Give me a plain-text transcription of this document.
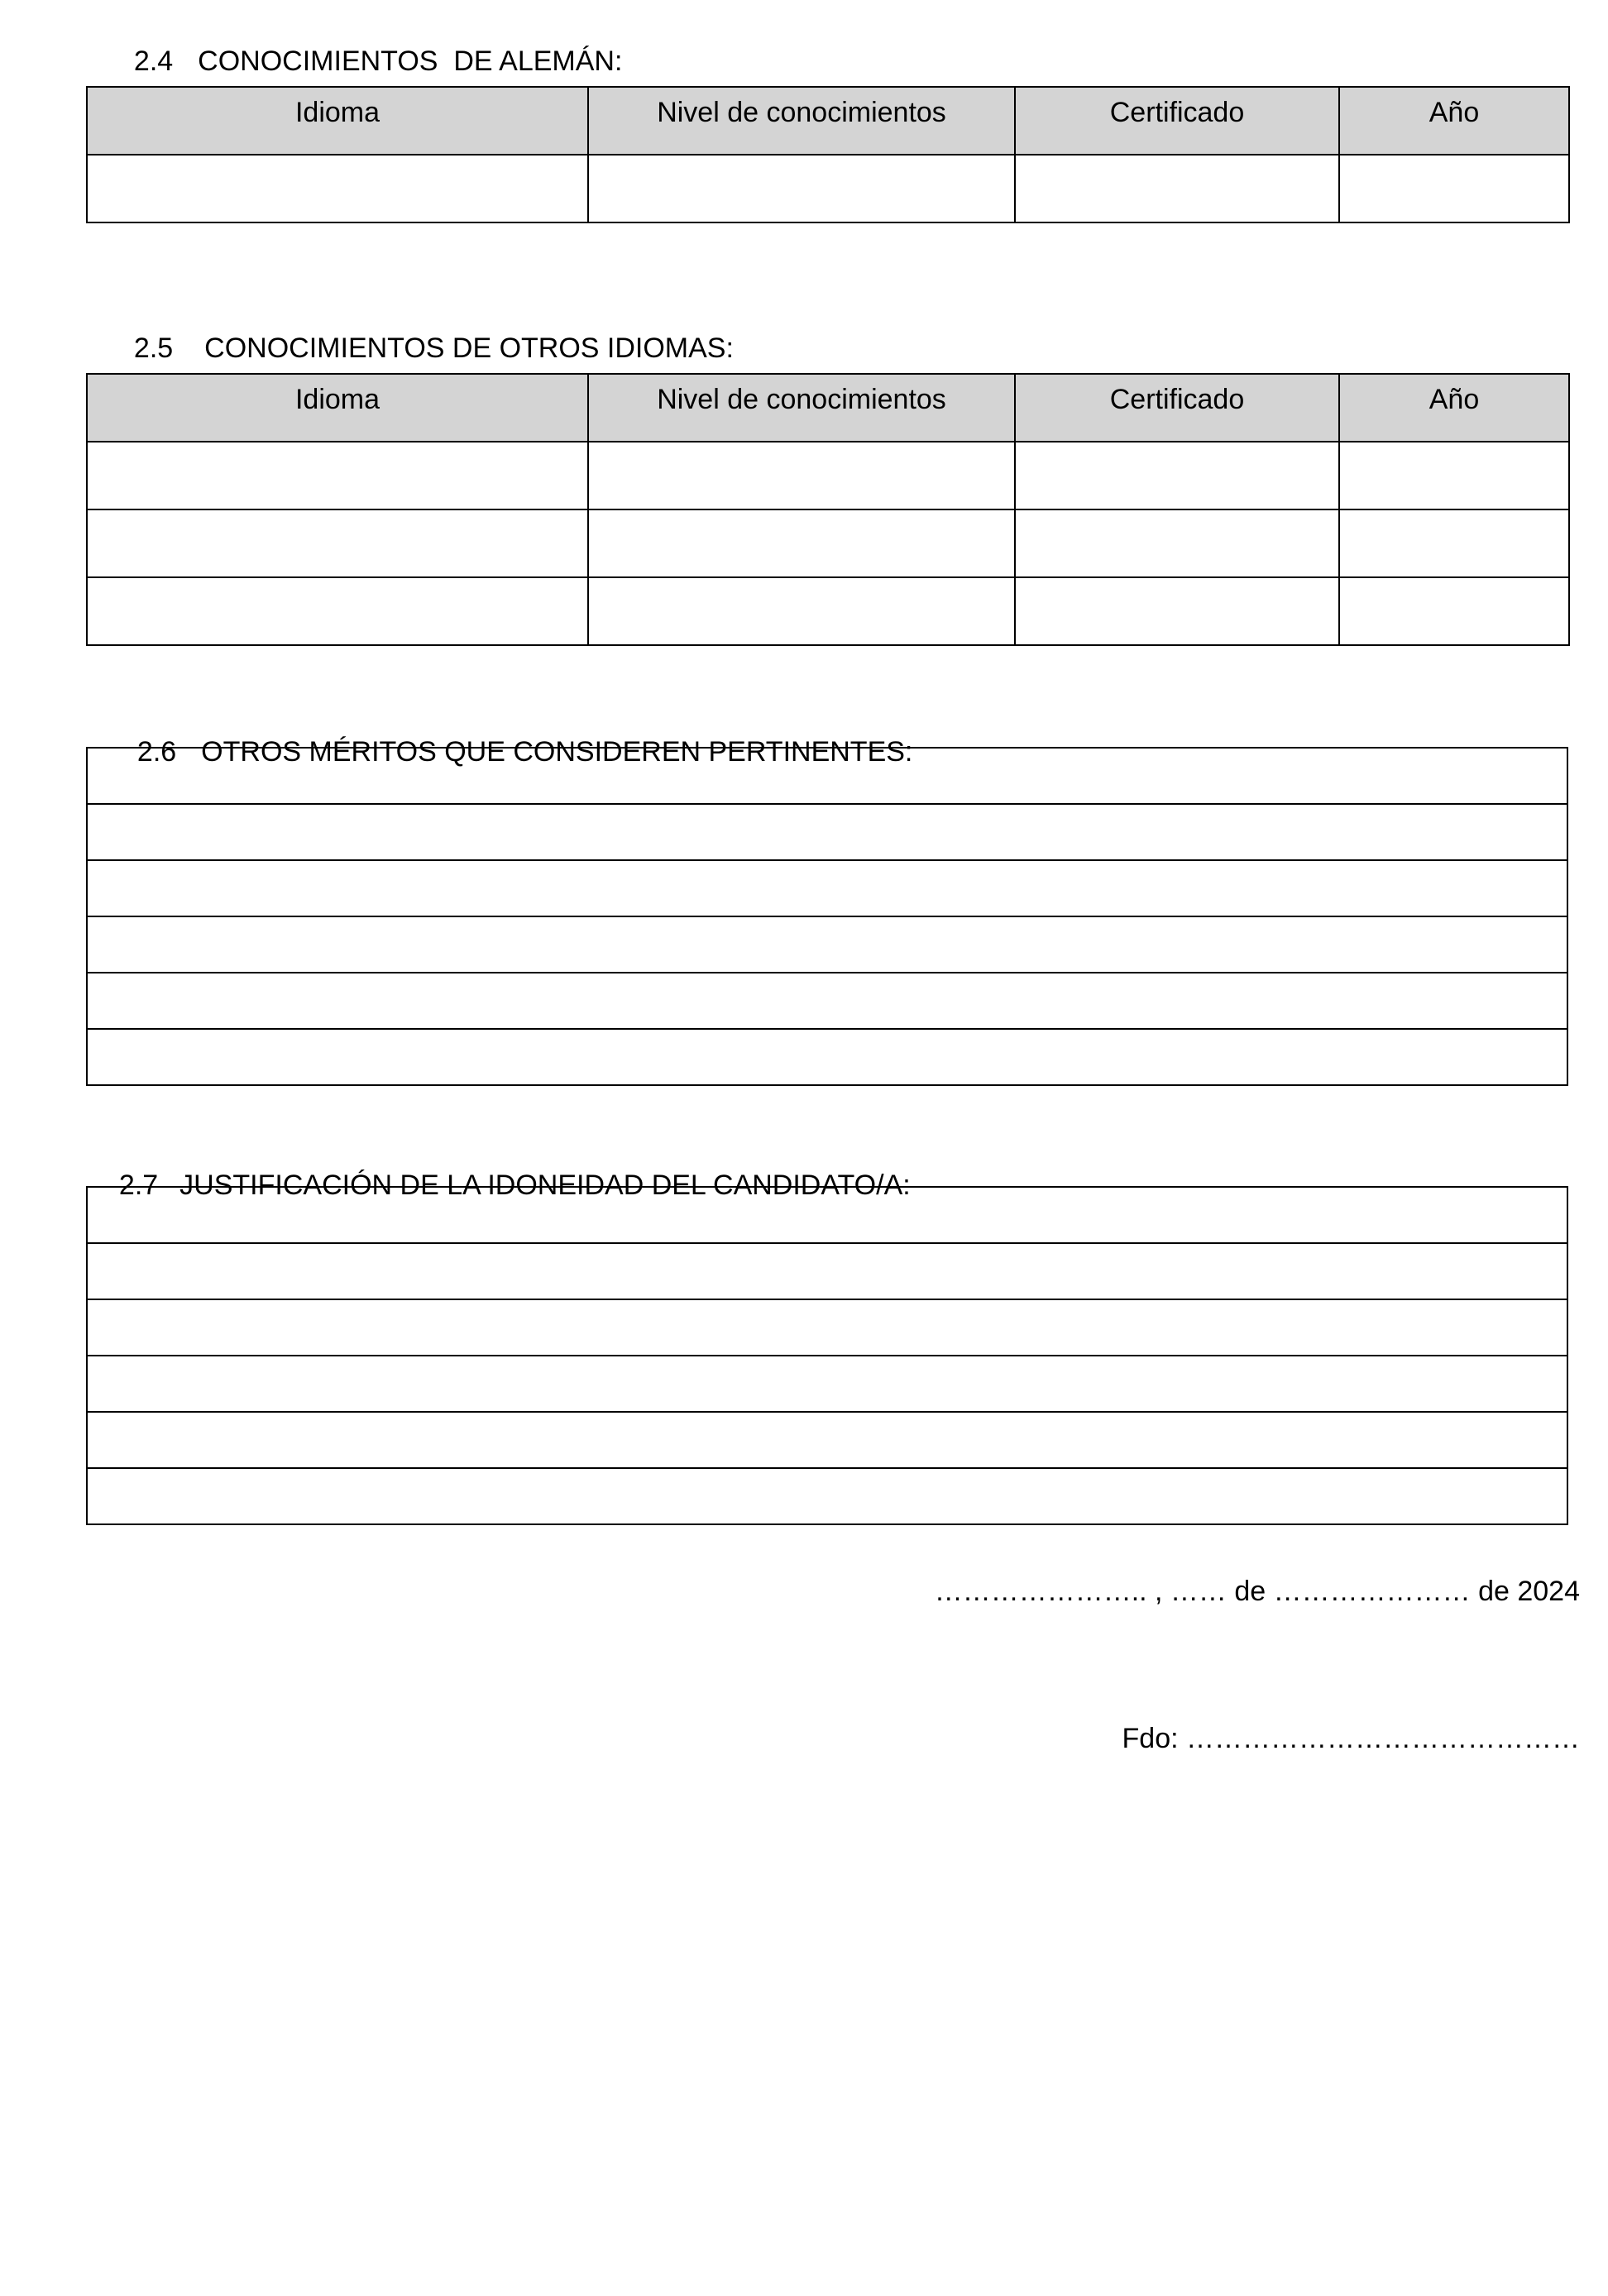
2.4 CONOCIMIENTOS  DE ALEMÁN:

Idioma	Nivel de conocimientos	Certificado	Año

2.5 CONOCIMIENTOS DE OTROS IDIOMAS:

Idioma	Nivel de conocimientos	Certificado	Año

2.6 OTROS MÉRITOS QUE CONSIDEREN PERTINENTES:

2.7 JUSTIFICACIÓN DE LA IDONEIDAD DEL CANDIDATO/A:

………………….. , …… de ………………… de 2024
Fdo: ……………………………………
